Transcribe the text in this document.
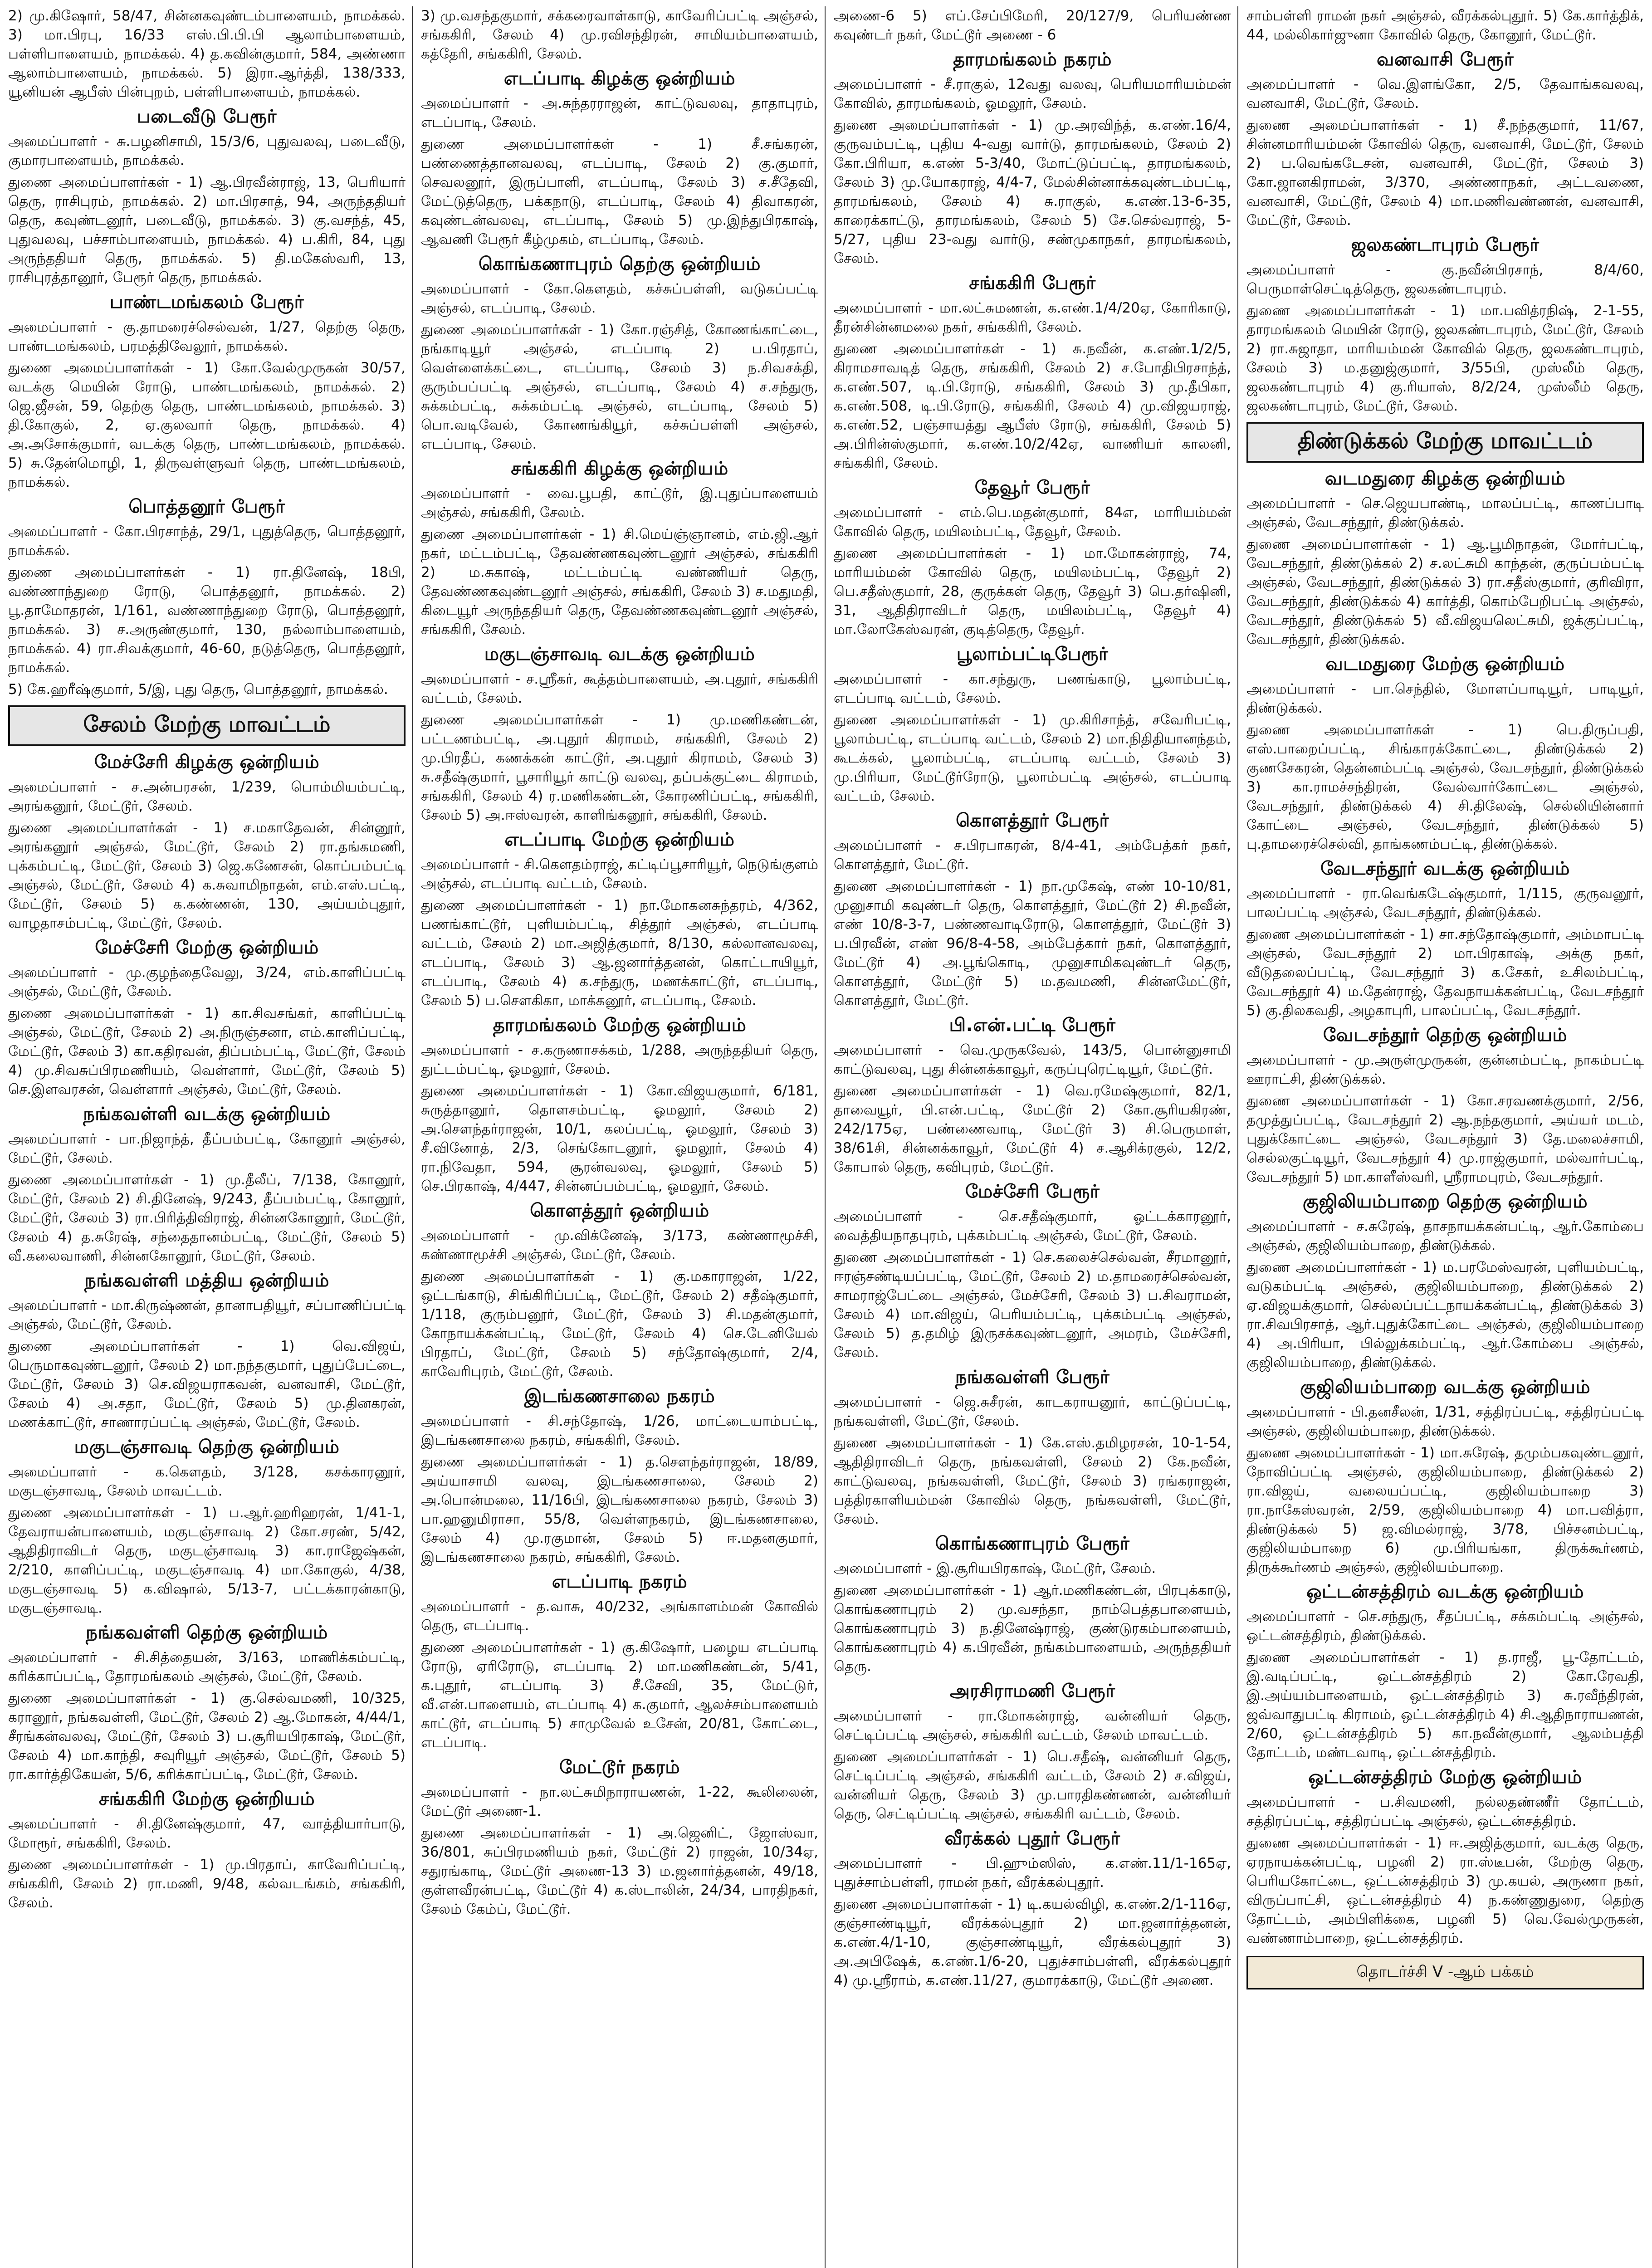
2) மு.கிஷோர், 58/47, சின்னகவுண்டம்பாளையம், நாமக்கல். 3) மா.பிரபு, 16/33 எஸ்.பி.பி.பி ஆலாம்பாளையம், பள்ளிபாளையம், நாமக்கல். 4) த.கவின்குமார், 584, அண்ணா ஆலாம்பாளையம், நாமக்கல். 5) இரா.ஆர்த்தி, 138/333, யூனியன் ஆபீஸ் பின்புறம், பள்ளிபாளையம், நாமக்கல்.

படைவீடு பேரூர்

அமைப்பாளர் - சு.பழனிசாமி, 15/3/6, புதுவலவு, படைவீடு, குமாரபாளையம், நாமக்கல்.

துணை அமைப்பாளர்கள் - 1) ஆ.பிரவீன்ராஜ், 13, பெரியார் தெரு, ராசிபுரம், நாமக்கல். 2) மா.பிரசாத், 94, அருந்ததியர் தெரு, கவுண்டனூர், படைவீடு, நாமக்கல். 3) கு.வசந்த், 45, புதுவலவு, பச்சாம்பாளையம், நாமக்கல். 4) ப.கிரி, 84, புது அருந்ததியர் தெரு, நாமக்கல். 5) தி.மகேஸ்வரி, 13, ராசிபுரத்தானூர், பேரூர் தெரு, நாமக்கல்.

பாண்டமங்கலம் பேரூர்

அமைப்பாளர் - கு.தாமரைச்செல்வன், 1/27, தெற்கு தெரு, பாண்டமங்கலம், பரமத்திவேலூர், நாமக்கல்.

துணை அமைப்பாளர்கள் - 1) கோ.வேல்முருகன் 30/57, வடக்கு மெயின் ரோடு, பாண்டமங்கலம், நாமக்கல். 2) ஜெ.ஜீசன், 59, தெற்கு தெரு, பாண்டமங்கலம், நாமக்கல். 3) தி.கோகுல், 2, ஏ.குலவார் தெரு, நாமக்கல். 4) அ.அசோக்குமார், வடக்கு தெரு, பாண்டமங்கலம், நாமக்கல். 5) சு.தேன்மொழி, 1, திருவள்ளுவர் தெரு, பாண்டமங்கலம், நாமக்கல்.

பொத்தனூர் பேரூர்

அமைப்பாளர் - கோ.பிரசாந்த், 29/1, புதுத்தெரு, பொத்தனூர், நாமக்கல்.

துணை அமைப்பாளர்கள் - 1) ரா.தினேஷ், 18பி, வண்ணாந்துறை ரோடு, பொத்தனூர், நாமக்கல். 2) பூ.தாமோதரன், 1/161, வண்ணாந்துறை ரோடு, பொத்தனூர், நாமக்கல். 3) ச.அருண்குமார், 130, நல்லாம்பாளையம், நாமக்கல். 4) ரா.சிவக்குமார், 46-60, நடுத்தெரு, பொத்தனூர், நாமக்கல்.

5) கே.ஹரீஷ்குமார், 5/இ, புது தெரு, பொத்தனூர், நாமக்கல்.

சேலம் மேற்கு மாவட்டம்
மேச்சேரி கிழக்கு ஒன்றியம்

அமைப்பாளர் - ச.அன்பரசன், 1/239, பொம்மியம்பட்டி, அரங்கனூர், மேட்டூர், சேலம்.

துணை அமைப்பாளர்கள் - 1) ச.மகாதேவன், சின்னூர், அரங்கனூர் அஞ்சல், மேட்டூர், சேலம் 2) ரா.தங்கமணி, புக்கம்பட்டி, மேட்டூர், சேலம் 3) ஜெ.கணேசன், கொப்பம்பட்டி அஞ்சல், மேட்டூர், சேலம் 4) க.சுவாமிநாதன், எம்.எஸ்.பட்டி, மேட்டூர், சேலம் 5) க.கண்ணன், 130, அய்யம்புதூர், வாழதாசம்பட்டி, மேட்டூர், சேலம்.

மேச்சேரி மேற்கு ஒன்றியம்

அமைப்பாளர் - மு.குழந்தைவேலு, 3/24, எம்.காளிப்பட்டி அஞ்சல், மேட்டூர், சேலம்.

துணை அமைப்பாளர்கள் - 1) கா.சிவசங்கர், காளிப்பட்டி அஞ்சல், மேட்டூர், சேலம் 2) அ.நிருஞ்சனா, எம்.காளிப்பட்டி, மேட்டூர், சேலம் 3) கா.கதிரவன், திப்பம்பட்டி, மேட்டூர், சேலம் 4) மு.சிவசுப்பிரமணியம், வெள்ளார், மேட்டூர், சேலம் 5) செ.இளவரசன், வெள்ளார் அஞ்சல், மேட்டூர், சேலம்.

நங்கவள்ளி வடக்கு ஒன்றியம்

அமைப்பாளர் - பா.நிஜாந்த், தீப்பம்பட்டி, கோனூர் அஞ்சல், மேட்டூர், சேலம்.

துணை அமைப்பாளர்கள் - 1) மு.தீலீப், 7/138, கோனூர், மேட்டூர், சேலம் 2) சி.தினேஷ், 9/243, தீப்பம்பட்டி, கோனூர், மேட்டூர், சேலம் 3) ரா.பிரித்திவிராஜ், சின்னகோனூர், மேட்டூர், சேலம் 4) த.சுரேஷ், சந்தைதானம்பட்டி, மேட்டூர், சேலம் 5) வீ.கலைவாணி, சின்னகோனூர், மேட்டூர், சேலம்.

நங்கவள்ளி மத்திய ஒன்றியம்

அமைப்பாளர் - மா.கிருஷ்ணன், தானாபதியூர், சப்பாணிப்பட்டி அஞ்சல், மேட்டூர், சேலம்.

துணை அமைப்பாளர்கள் - 1) வெ.விஜய், பெருமாகவுண்டனூர், சேலம் 2) மா.நந்தகுமார், புதுப்பேட்டை, மேட்டூர், சேலம் 3) செ.விஜயராகவன், வனவாசி, மேட்டூர், சேலம் 4) அ.சதா, மேட்டூர், சேலம் 5) மு.தினகரன், மணக்காட்டூர், சாணாரப்பட்டி அஞ்சல், மேட்டூர், சேலம்.

மகுடஞ்சாவடி தெற்கு ஒன்றியம்

அமைப்பாளர் - க.கௌதம், 3/128, கசக்காரனூர், மகுடஞ்சாவடி, சேலம் மாவட்டம்.

துணை அமைப்பாளர்கள் - 1) ப.ஆர்.ஹரிஹரன், 1/41-1, தேவராயன்பாளையம், மகுடஞ்சாவடி 2) கோ.சரண், 5/42, ஆதிதிராவிடர் தெரு, மகுடஞ்சாவடி 3) கா.ராஜேஷ்கன், 2/210, காளிப்பட்டி, மகுடஞ்சாவடி 4) மா.கோகுல், 4/38, மகுடஞ்சாவடி 5) க.விஷால், 5/13-7, பட்டக்காரன்காடு, மகுடஞ்சாவடி.

நங்கவள்ளி தெற்கு ஒன்றியம்

அமைப்பாளர் - சி.சித்தையன், 3/163, மாணிக்கம்பட்டி, கரிக்காப்பட்டி, தோரமங்கலம் அஞ்சல், மேட்டூர், சேலம்.

துணை அமைப்பாளர்கள் - 1) கு.செல்வமணி, 10/325, கரானூர், நங்கவள்ளி, மேட்டூர், சேலம் 2) ஆ.மோகன், 4/44/1, சீரங்கன்வலவு, மேட்டூர், சேலம் 3) ப.சூரியபிரகாஷ், மேட்டூர், சேலம் 4) மா.காந்தி, சவுரியூர் அஞ்சல், மேட்டூர், சேலம் 5) ரா.கார்த்திகேயன், 5/6, கரிக்காப்பட்டி, மேட்டூர், சேலம்.

சங்ககிரி மேற்கு ஒன்றியம்

அமைப்பாளர் - சி.தினேஷ்குமார், 47, வாத்தியார்பாடு, மோரூர், சங்ககிரி, சேலம்.

துணை அமைப்பாளர்கள் - 1) மு.பிரதாப், காவேரிப்பட்டி, சங்ககிரி, சேலம் 2) ரா.மணி, 9/48, கல்வடங்கம், சங்ககிரி, சேலம்.

3) மு.வசந்தகுமார், சக்கரைவாள்காடு, காவேரிப்பட்டி அஞ்சல், சங்ககிரி, சேலம் 4) மு.ரவிசந்திரன், சாமியம்பாளையம், கத்தேரி, சங்ககிரி, சேலம்.

எடப்பாடி கிழக்கு ஒன்றியம்

அமைப்பாளர் - அ.சுந்தரராஜன், காட்டுவலவு, தாதாபுரம், எடப்பாடி, சேலம்.

துணை அமைப்பாளர்கள் - 1) சீ.சங்கரன், பண்ணைத்தானவலவு, எடப்பாடி, சேலம் 2) கு.குமார், செவலனூர், இருப்பாளி, எடப்பாடி, சேலம் 3) ச.சீதேவி, மேட்டுத்தெரு, பக்கநாடு, எடப்பாடி, சேலம் 4) திவாகரன், கவுண்டன்வலவு, எடப்பாடி, சேலம் 5) மு.இந்துபிரகாஷ், ஆவணி பேரூர் கீழ்முகம், எடப்பாடி, சேலம்.

கொங்கணாபுரம் தெற்கு ஒன்றியம்

அமைப்பாளர் - கோ.கௌதம், கச்சுப்பள்ளி, வடுகப்பட்டி அஞ்சல், எடப்பாடி, சேலம்.

துணை அமைப்பாளர்கள் - 1) கோ.ரஞ்சித், கோணங்காட்டை, நங்காடியூர் அஞ்சல், எடப்பாடி 2) ப.பிரதாப், வெள்ளைக்கட்டை, எடப்பாடி, சேலம் 3) ந.சிவசக்தி, குரும்பப்பட்டி அஞ்சல், எடப்பாடி, சேலம் 4) ச.சந்துரு, சுக்கம்பட்டி, சுக்கம்பட்டி அஞ்சல், எடப்பாடி, சேலம் 5) பொ.வடிவேல், கோணங்கியூர், கச்சுப்பள்ளி அஞ்சல், எடப்பாடி, சேலம்.

சங்ககிரி கிழக்கு ஒன்றியம்

அமைப்பாளர் - வை.பூபதி, காட்டூர், இ.புதுப்பாளையம் அஞ்சல், சங்ககிரி, சேலம்.

துணை அமைப்பாளர்கள் - 1) சி.மெய்ஞ்ஞானம், எம்.ஜி.ஆர் நகர், மட்டம்பட்டி, தேவண்ணகவுண்டனூர் அஞ்சல், சங்ககிரி 2) ம.சுகாஷ், மட்டம்பட்டி வண்ணியர் தெரு, தேவண்ணகவுண்டனூர் அஞ்சல், சங்ககிரி, சேலம் 3) ச.மதுமதி, கிடையூர் அருந்ததியர் தெரு, தேவண்ணகவுண்டனூர் அஞ்சல், சங்ககிரி, சேலம்.

மகுடஞ்சாவடி வடக்கு ஒன்றியம்

அமைப்பாளர் - ச.ஸ்ரீகர், கூத்தம்பாளையம், அ.புதூர், சங்ககிரி வட்டம், சேலம்.

துணை அமைப்பாளர்கள் - 1) மு.மணிகண்டன், பட்டணம்பட்டி, அ.புதூர் கிராமம், சங்ககிரி, சேலம் 2) மு.பிரதீப், கணக்கன் காட்டூர், அ.புதூர் கிராமம், சேலம் 3) சு.சதீஷ்குமார், பூசாரியூர் காட்டு வலவு, தப்பக்குட்டை கிராமம், சங்ககிரி, சேலம் 4) ர.மணிகண்டன், கோரணிப்பட்டி, சங்ககிரி, சேலம் 5) அ.ஈஸ்வரன், காளிங்கனூர், சங்ககிரி, சேலம்.

எடப்பாடி மேற்கு ஒன்றியம்

அமைப்பாளர் - சி.கௌதம்ராஜ், கட்டிப்பூசாரியூர், நெடுங்குளம் அஞ்சல், எடப்பாடி வட்டம், சேலம்.

துணை அமைப்பாளர்கள் - 1) நா.மோகனசுந்தரம், 4/362, பணங்காட்டூர், புளியம்பட்டி, சித்தூர் அஞ்சல், எடப்பாடி வட்டம், சேலம் 2) மா.அஜித்குமார், 8/130, கல்லானவலவு, எடப்பாடி, சேலம் 3) ஆ.ஜனார்த்தனன், கொட்டாயியூர், எடப்பாடி, சேலம் 4) க.சந்துரு, மணக்காட்டூர், எடப்பாடி, சேலம் 5) ப.சௌகிகா, மாக்கனூர், எடப்பாடி, சேலம்.

தாரமங்கலம் மேற்கு ஒன்றியம்

அமைப்பாளர் - ச.கருணாசக்கம், 1/288, அருந்ததியர் தெரு, துட்டம்பட்டி, ஓமலூர், சேலம்.

துணை அமைப்பாளர்கள் - 1) கோ.விஜயகுமார், 6/181, சுருத்தானூர், தொளசம்பட்டி, ஓமலூர், சேலம் 2) அ.சௌந்தர்ராஜன், 10/1, கலப்பட்டி, ஓமலூர், சேலம் 3) சீ.வினோத், 2/3, செங்கோடனூர், ஓமலூர், சேலம் 4) ரா.நிவேதா, 594, சூரன்வலவு, ஓமலூர், சேலம் 5) செ.பிரகாஷ், 4/447, சின்னப்பம்பட்டி, ஓமலூர், சேலம்.

கொளத்தூர் ஒன்றியம்

அமைப்பாளர் - மு.விக்னேஷ், 3/173, கண்ணாமூச்சி, கண்ணாமூச்சி அஞ்சல், மேட்டூர், சேலம்.

துணை அமைப்பாளர்கள் - 1) கு.மகாராஜன், 1/22, ஒட்டங்காடு, சிங்கிரிப்பட்டி, மேட்டூர், சேலம் 2) சதீஷ்குமார், 1/118, குரும்பனூர், மேட்டூர், சேலம் 3) சி.மதன்குமார், கோநாயக்கன்பட்டி, மேட்டூர், சேலம் 4) செ.டேனியேல் பிரதாப், மேட்டூர், சேலம் 5) சந்தோஷ்குமார், 2/4, காவேரிபுரம், மேட்டூர், சேலம்.

இடங்கணசாலை நகரம்

அமைப்பாளர் - சி.சந்தோஷ், 1/26, மாட்டையாம்பட்டி, இடங்கணசாலை நகரம், சங்ககிரி, சேலம்.

துணை அமைப்பாளர்கள் - 1) த.சௌந்தர்ராஜன், 18/89, அய்யாசாமி வலவு, இடங்கணசாலை, சேலம் 2) அ.பொன்மலை, 11/16பி, இடங்கணசாலை நகரம், சேலம் 3) பா.ஹனுமிராசா, 55/8, வெள்ளநகரம், இடங்கணசாலை, சேலம் 4) மு.ரகுமான், சேலம் 5) ஈ.மதனகுமார், இடங்கணசாலை நகரம், சங்ககிரி, சேலம்.

எடப்பாடி நகரம்

அமைப்பாளர் - த.வாசு, 40/232, அங்காளம்மன் கோவில் தெரு, எடப்பாடி.

துணை அமைப்பாளர்கள் - 1) கு.கிஷோர், பழைய எடப்பாடி ரோடு, ஏரிரோடு, எடப்பாடி 2) மா.மணிகண்டன், 5/41, க.புதூர், எடப்பாடி 3) சீ.சேவி, 35, மேட்டுர், வீ.என்.பாளையம், எடப்பாடி 4) க.குமார், ஆலச்சம்பாளையம் காட்டூர், எடப்பாடி 5) சாமுவேல் உசேன், 20/81, கோட்டை, எடப்பாடி.

மேட்டூர் நகரம்

அமைப்பாளர் - நா.லட்சுமிநாராயணன், 1-22, கூலிலைன், மேட்டூர் அணை-1.

துணை அமைப்பாளர்கள் - 1) அ.ஜெனிட், ஜோஸ்வா, 36/801, சுப்பிரமணியம் நகர், மேட்டூர் 2) ராஜன், 10/34ஏ, சதுரங்காடி, மேட்டூர் அணை-13 3) ம.ஜனார்த்தனன், 49/18, குள்ளவீரன்பட்டி, மேட்டூர் 4) க.ஸ்டாலின், 24/34, பாரதிநகர், சேலம் கேம்ப், மேட்டூர்.

அணை-6 5) எப்.சேப்பிமேரி, 20/127/9, பெரியண்ண கவுண்டர் நகர், மேட்டூர் அணை - 6

தாரமங்கலம் நகரம்

அமைப்பாளர் - சீ.ராகுல், 12வது வலவு, பெரியமாரியம்மன் கோவில், தாரமங்கலம், ஓமலூர், சேலம்.

துணை அமைப்பாளர்கள் - 1) மு.அரவிந்த், க.எண்.16/4, குருவம்பட்டி, புதிய 4-வது வார்டு, தாரமங்கலம், சேலம் 2) கோ.பிரியா, க.எண் 5-3/40, மோட்டுப்பட்டி, தாரமங்கலம், சேலம் 3) மு.யோகராஜ், 4/4-7, மேல்சின்னாக்கவுண்டம்பட்டி, தாரமங்கலம், சேலம் 4) சு.ராகுல், க.எண்.13-6-35, காரைக்காட்டு, தாரமங்கலம், சேலம் 5) சே.செல்வராஜ், 5-5/27, புதிய 23-வது வார்டு, சண்முகாநகர், தாரமங்கலம், சேலம்.

சங்ககிரி பேரூர்

அமைப்பாளர் - மா.லட்சுமணன், க.எண்.1/4/20ஏ, கோரிகாடு, தீரன்சின்னமலை நகர், சங்ககிரி, சேலம்.

துணை அமைப்பாளர்கள் - 1) சு.நவீன், க.எண்.1/2/5, கிராமசாவடித் தெரு, சங்ககிரி, சேலம் 2) ச.போதிபிரசாந்த், க.எண்.507, டி.பி.ரோடு, சங்ககிரி, சேலம் 3) மு.தீபிகா, க.எண்.508, டி.பி.ரோடு, சங்ககிரி, சேலம் 4) மு.விஜயராஜ், க.எண்.52, பஞ்சாயத்து ஆபீஸ் ரோடு, சங்ககிரி, சேலம் 5) அ.பிரின்ஸ்குமார், க.எண்.10/2/42ஏ, வாணியர் காலனி, சங்ககிரி, சேலம்.

தேவூர் பேரூர்

அமைப்பாளர் - எம்.பெ.மதன்குமார், 84எ, மாரியம்மன் கோவில் தெரு, மயிலம்பட்டி, தேவூர், சேலம்.

துணை அமைப்பாளர்கள் - 1) மா.மோகன்ராஜ், 74, மாரியம்மன் கோவில் தெரு, மயிலம்பட்டி, தேவூர் 2) பெ.சதீஸ்குமார், 28, குருக்கள் தெரு, தேவூர் 3) பெ.தர்ஷினி, 31, ஆதிதிராவிடர் தெரு, மயிலம்பட்டி, தேவூர் 4) மா.லோகேஸ்வரன், குடித்தெரு, தேவூர்.

பூலாம்பட்டிபேரூர்

அமைப்பாளர் - கா.சந்துரு, பணங்காடு, பூலாம்பட்டி, எடப்பாடி வட்டம், சேலம்.

துணை அமைப்பாளர்கள் - 1) மு.கிரிசாந்த், சவேரிபட்டி, பூலாம்பட்டி, எடப்பாடி வட்டம், சேலம் 2) மா.நிதிதியானந்தம், கூடக்கல், பூலாம்பட்டி, எடப்பாடி வட்டம், சேலம் 3) மு.பிரியா, மேட்டூர்ரோடு, பூலாம்பட்டி அஞ்சல், எடப்பாடி வட்டம், சேலம்.

கொளத்தூர் பேரூர்

அமைப்பாளர் - ச.பிரபாகரன், 8/4-41, அம்பேத்கர் நகர், கொளத்தூர், மேட்டூர்.

துணை அமைப்பாளர்கள் - 1) நா.முகேஷ், எண் 10-10/81, முனுசாமி கவுண்டர் தெரு, கொளத்தூர், மேட்டூர் 2) சி.நவீன், எண் 10/8-3-7, பண்ணவாடிரோடு, கொளத்தூர், மேட்டூர் 3) ப.பிரவீன், எண் 96/8-4-58, அம்பேத்கார் நகர், கொளத்தூர், மேட்டூர் 4) அ.பூங்கொடி, முனுசாமிகவுண்டர் தெரு, கொளத்தூர், மேட்டூர் 5) ம.தவமணி, சின்னமேட்டூர், கொளத்தூர், மேட்டூர்.

பி.என்.பட்டி பேரூர்

அமைப்பாளர் - வெ.முருகவேல், 143/5, பொன்னுசாமி காட்டுவலவு, புது சின்னக்காவூர், கருப்புரெட்டியூர், மேட்டூர்.

துணை அமைப்பாளர்கள் - 1) வெ.ரமேஷ்குமார், 82/1, தாவையூர், பி.என்.பட்டி, மேட்டூர் 2) கோ.சூரியகிரண், 242/175ஏ, பண்ணைவாடி, மேட்டூர் 3) சி.பெருமாள், 38/61சி, சின்னக்காவூர், மேட்டூர் 4) ச.ஆசிக்ரகுல், 12/2, கோபால் தெரு, கவிபுரம், மேட்டூர்.

மேச்சேரி பேரூர்

அமைப்பாளர் - செ.சதீஷ்குமார், ஓட்டக்காரனூர், வைத்தியநாதபுரம், புக்கம்பட்டி அஞ்சல், மேட்டூர், சேலம்.

துணை அமைப்பாளர்கள் - 1) செ.கலைச்செல்வன், சீரமானூர், ஈரஞ்சண்டியப்பட்டி, மேட்டூர், சேலம் 2) ம.தாமரைச்செல்வன், சாமராஜ்பேட்டை அஞ்சல், மேச்சேரி, சேலம் 3) ப.சிவராமன், சேலம் 4) மா.விஜய், பெரியம்பட்டி, புக்கம்பட்டி அஞ்சல், சேலம் 5) த.தமிழ் இருசக்கவுண்டனூர், அமரம், மேச்சேரி, சேலம்.

நங்கவள்ளி பேரூர்

அமைப்பாளர் - ஜெ.சுசீரன், காடகராயனூர், காட்டுப்பட்டி, நங்கவள்ளி, மேட்டூர், சேலம்.

துணை அமைப்பாளர்கள் - 1) கே.எஸ்.தமிழரசன், 10-1-54, ஆதிதிராவிடர் தெரு, நங்கவள்ளி, சேலம் 2) கே.நவீன், காட்டுவலவு, நங்கவள்ளி, மேட்டூர், சேலம் 3) ரங்கராஜன், பத்திரகாளியம்மன் கோவில் தெரு, நங்கவள்ளி, மேட்டூர், சேலம்.

கொங்கணாபுரம் பேரூர்

அமைப்பாளர் - இ.சூரியபிரகாஷ், மேட்டூர், சேலம்.

துணை அமைப்பாளர்கள் - 1) ஆர்.மணிகண்டன், பிரபுக்காடு, கொங்கணாபுரம் 2) மு.வசந்தா, நாம்பெத்தபாளையம், கொங்கணாபுரம் 3) ந.தினேஷ்ராஜ், குண்டுரகம்பாளையம், கொங்கணாபுரம் 4) க.பிரவீன், நங்கம்பாளையம், அருந்ததியர் தெரு.

அரசிராமணி பேரூர்

அமைப்பாளர் - ரா.மோகன்ராஜ், வன்னியர் தெரு, செட்டிப்பட்டி அஞ்சல், சங்ககிரி வட்டம், சேலம் மாவட்டம்.

துணை அமைப்பாளர்கள் - 1) பெ.சதீஷ், வன்னியர் தெரு, செட்டிப்பட்டி அஞ்சல், சங்ககிரி வட்டம், சேலம் 2) ச.விஜய், வன்னியர் தெரு, சேலம் 3) மு.பாரதிகண்ணன், வன்னியர் தெரு, செட்டிப்பட்டி அஞ்சல், சங்ககிரி வட்டம், சேலம்.

வீரக்கல் புதூர் பேரூர்

அமைப்பாளர் - பி.ஹும்ஸிஸ், க.எண்.11/1-165ஏ, புதுச்சாம்பள்ளி, ராமன் நகர், வீரக்கல்புதூர்.

துணை அமைப்பாளர்கள் - 1) டி.கயல்விழி, க.எண்.2/1-116ஏ, குஞ்சாண்டியூர், வீரக்கல்புதூர் 2) மா.ஜனார்த்தனன், க.எண்.4/1-10, குஞ்சாண்டியூர், வீரக்கல்புதூர் 3) அ.அபிஷேக், க.எண்.1/6-20, புதுச்சாம்பள்ளி, வீரக்கல்புதூர் 4) மு.ஸ்ரீராம், க.எண்.11/27, குமாரக்காடு, மேட்டூர் அணை.

சாம்பள்ளி ராமன் நகர் அஞ்சல், வீரக்கல்புதூர். 5) கே.கார்த்திக், 44, மல்லிகார்ஜுனா கோவில் தெரு, கோனூர், மேட்டூர்.

வனவாசி பேரூர்

அமைப்பாளர் - வெ.இளங்கோ, 2/5, தேவாங்கவலவு, வனவாசி, மேட்டூர், சேலம்.

துணை அமைப்பாளர்கள் - 1) சீ.நந்தகுமார், 11/67, சின்னமாரியம்மன் கோவில் தெரு, வனவாசி, மேட்டூர், சேலம் 2) ப.வெங்கடேசன், வனவாசி, மேட்டூர், சேலம் 3) கோ.ஜானகிராமன், 3/370, அண்ணாநகர், அட்டவணை, வனவாசி, மேட்டூர், சேலம் 4) மா.மணிவண்ணன், வனவாசி, மேட்டூர், சேலம்.

ஜலகண்டாபுரம் பேரூர்

அமைப்பாளர் - கு.நவீன்பிரசாந், 8/4/60, பெருமாள்செட்டித்தெரு, ஜலகண்டாபுரம்.

துணை அமைப்பாளர்கள் - 1) மா.பவித்ரநிஷ், 2-1-55, தாரமங்கலம் மெயின் ரோடு, ஜலகண்டாபுரம், மேட்டூர், சேலம் 2) ரா.சுஜாதா, மாரியம்மன் கோவில் தெரு, ஜலகண்டாபுரம், சேலம் 3) ம.தனுஜ்குமார், 3/55பி, முஸ்லீம் தெரு, ஜலகண்டாபுரம் 4) கு.ரியாஸ், 8/2/24, முஸ்லீம் தெரு, ஜலகண்டாபுரம், மேட்டூர், சேலம்.

திண்டுக்கல் மேற்கு மாவட்டம்
வடமதுரை கிழக்கு ஒன்றியம்

அமைப்பாளர் - செ.ஜெயபாண்டி, மாலப்பட்டி, காணப்பாடி அஞ்சல், வேடசந்தூர், திண்டுக்கல்.

துணை அமைப்பாளர்கள் - 1) ஆ.பூமிநாதன், மோர்பட்டி, வேடசந்தூர், திண்டுக்கல் 2) ச.லட்சுமி காந்தன், குருப்பம்பட்டி அஞ்சல், வேடசந்தூர், திண்டுக்கல் 3) ரா.சதீஸ்குமார், குரிவிரா, வேடசந்தூர், திண்டுக்கல் 4) கார்த்தி, கொம்பேறிபட்டி அஞ்சல், வேடசந்தூர், திண்டுக்கல் 5) வீ.விஜயலெட்சுமி, ஜக்குப்பட்டி, வேடசந்தூர், திண்டுக்கல்.

வடமதுரை மேற்கு ஒன்றியம்

அமைப்பாளர் - பா.செந்தில், மோளப்பாடியூர், பாடியூர், திண்டுக்கல்.

துணை அமைப்பாளர்கள் - 1) பெ.திருப்பதி, எஸ்.பாறைப்பட்டி, சிங்காரக்கோட்டை, திண்டுக்கல் 2) குணசேகரன், தென்னம்பட்டி அஞ்சல், வேடசந்தூர், திண்டுக்கல் 3) கா.ராமச்சந்திரன், வேல்வார்கோட்டை அஞ்சல், வேடசந்தூர், திண்டுக்கல் 4) சி.திலேஷ், செல்லியின்னார் கோட்டை அஞ்சல், வேடசந்தூர், திண்டுக்கல் 5) பு.தாமரைச்செல்வி, தாங்கணம்பட்டி, திண்டுக்கல்.

வேடசந்தூர் வடக்கு ஒன்றியம்

அமைப்பாளர் - ரா.வெங்கடேஷ்குமார், 1/115, குருவனூர், பாலப்பட்டி அஞ்சல், வேடசந்தூர், திண்டுக்கல்.

துணை அமைப்பாளர்கள் - 1) சா.சந்தோஷ்குமார், அம்மாபட்டி அஞ்சல், வேடசந்தூர் 2) மா.பிரகாஷ், அக்கு நகர், வீடுதலைப்பட்டி, வேடசந்தூர் 3) க.சேகர், உசிலம்பட்டி, வேடசந்தூர் 4) ம.தேன்ராஜ், தேவநாயக்கன்பட்டி, வேடசந்தூர் 5) கு.திலகவதி, அழகாபுரி, பாலப்பட்டி, வேடசந்தூர்.

வேடசந்தூர் தெற்கு ஒன்றியம்

அமைப்பாளர் - மு.அருள்முருகன், குன்னம்பட்டி, நாகம்பட்டி ஊராட்சி, திண்டுக்கல்.

துணை அமைப்பாளர்கள் - 1) கோ.சரவணக்குமார், 2/56, தமுத்துப்பட்டி, வேடசந்தூர் 2) ஆ.நந்தகுமார், அய்யர் மடம், புதுக்கோட்டை அஞ்சல், வேடசந்தூர் 3) தே.மலைச்சாமி, செல்லகுட்டியூர், வேடசந்தூர் 4) மு.ராஜ்குமார், மல்வார்பட்டி, வேடசந்தூர் 5) மா.காளீஸ்வரி, ஸ்ரீராமபுரம், வேடசந்தூர்.

குஜிலியம்பாறை தெற்கு ஒன்றியம்

அமைப்பாளர் - ச.சுரேஷ், தாசநாயக்கன்பட்டி, ஆர்.கோம்பை அஞ்சல், குஜிலியம்பாறை, திண்டுக்கல்.

துணை அமைப்பாளர்கள் - 1) ம.பரமேஸ்வரன், புளியம்பட்டி, வடுகம்பட்டி அஞ்சல், குஜிலியம்பாறை, திண்டுக்கல் 2) ஏ.விஜயக்குமார், செல்லப்பட்டநாயக்கன்பட்டி, திண்டுக்கல் 3) ரா.சிவபிரசாத், ஆர்.புதுக்கோட்டை அஞ்சல், குஜிலியம்பாறை 4) அ.பிரியா, பில்லுக்கம்பட்டி, ஆர்.கோம்பை அஞ்சல், குஜிலியம்பாறை, திண்டுக்கல்.

குஜிலியம்பாறை வடக்கு ஒன்றியம்

அமைப்பாளர் - பி.தனசீலன், 1/31, சத்திரப்பட்டி, சத்திரப்பட்டி அஞ்சல், குஜிலியம்பாறை, திண்டுக்கல்.

துணை அமைப்பாளர்கள் - 1) மா.சுரேஷ், தமும்பகவுண்டனூர், நோவிப்பட்டி அஞ்சல், குஜிலியம்பாறை, திண்டுக்கல் 2) ரா.விஜய், வலையப்பட்டி, குஜிலியம்பாறை 3) ரா.நாகேஸ்வரன், 2/59, குஜிலியம்பாறை 4) மா.பவித்ரா, திண்டுக்கல் 5) ஜ.விமல்ராஜ், 3/78, பிச்சனம்பட்டி, குஜிலியம்பாறை 6) மு.பிரியங்கா, திருக்கூர்ணம், திருக்கூர்ணம் அஞ்சல், குஜிலியம்பாறை.

ஒட்டன்சத்திரம் வடக்கு ஒன்றியம்

அமைப்பாளர் - செ.சந்துரு, சீதப்பட்டி, சக்கம்பட்டி அஞ்சல், ஒட்டன்சத்திரம், திண்டுக்கல்.

துணை அமைப்பாளர்கள் - 1) த.ராஜீ, பூ-தோட்டம், இ.வடிப்பட்டி, ஒட்டன்சத்திரம் 2) கோ.ரேவதி, இ.அய்யம்பாளையம், ஒட்டன்சத்திரம் 3) சு.ரவீந்திரன், ஜவ்வாதுபட்டி கிராமம், ஒட்டன்சத்திரம் 4) சி.ஆதிநாராயணன், 2/60, ஒட்டன்சத்திரம் 5) கா.நவீன்குமார், ஆலம்பத்தி தோட்டம், மண்டவாடி, ஒட்டன்சத்திரம்.

ஒட்டன்சத்திரம் மேற்கு ஒன்றியம்

அமைப்பாளர் - ப.சிவமணி, நல்லதண்ணீர் தோட்டம், சத்திரப்பட்டி, சத்திரப்பட்டி அஞ்சல், ஒட்டன்சத்திரம்.

துணை அமைப்பாளர்கள் - 1) ஈ.அஜித்குமார், வடக்கு தெரு, ஏரநாயக்கன்பட்டி, பழனி 2) ரா.ஸ்டீபன், மேற்கு தெரு, பெரியகோட்டை, ஒட்டன்சத்திரம் 3) மு.கயல், அருணா நகர், விருப்பாட்சி, ஒட்டன்சத்திரம் 4) ந.கண்ணுதுரை, தெற்கு தோட்டம், அம்பிளிக்கை, பழனி 5) வெ.வேல்முருகன், வண்ணாம்பாறை, ஒட்டன்சத்திரம்.

தொடர்ச்சி V -ஆம் பக்கம்
